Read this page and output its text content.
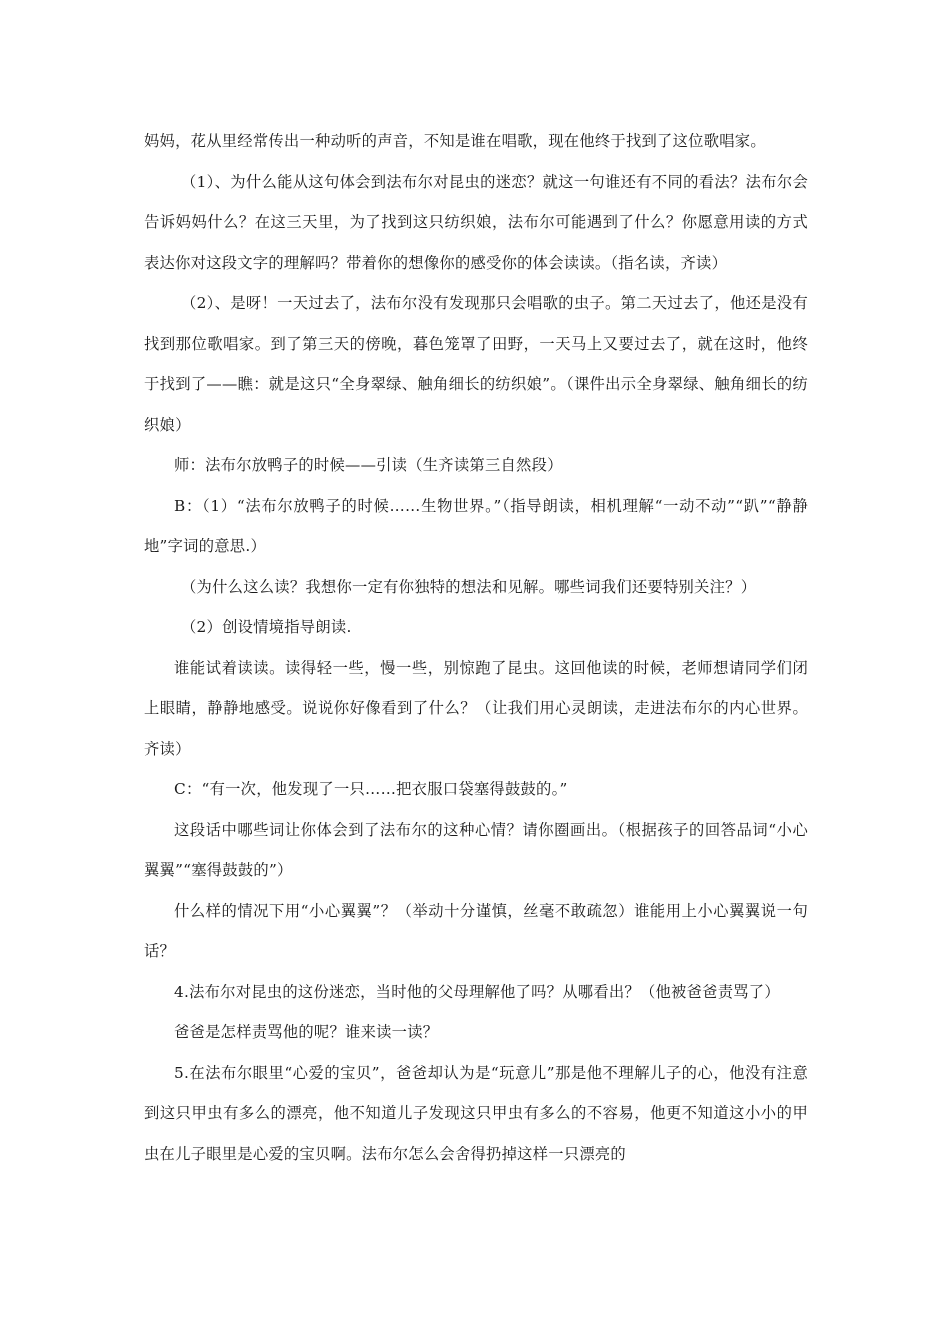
妈妈，花从里经常传出一种动听的声音，不知是谁在唱歌，现在他终于找到了这位歌唱家。

（1）、为什么能从这句体会到法布尔对昆虫的迷恋？就这一句谁还有不同的看法？法布尔会告诉妈妈什么？在这三天里，为了找到这只纺织娘，法布尔可能遇到了什么？你愿意用读的方式表达你对这段文字的理解吗？带着你的想像你的感受你的体会读读。（指名读，齐读）

（2）、是呀！一天过去了，法布尔没有发现那只会唱歌的虫子。第二天过去了，他还是没有找到那位歌唱家。到了第三天的傍晚，暮色笼罩了田野，一天马上又要过去了，就在这时，他终于找到了——瞧：就是这只“全身翠绿、触角细长的纺织娘”。（课件出示全身翠绿、触角细长的纺织娘）

师：法布尔放鸭子的时候——引读（生齐读第三自然段）

B：（1）“法布尔放鸭子的时候……生物世界。”（指导朗读，相机理解“一动不动”“趴”“静静地”字词的意思.）

（为什么这么读？我想你一定有你独特的想法和见解。哪些词我们还要特别关注？）

（2）创设情境指导朗读.

谁能试着读读。读得轻一些，慢一些，别惊跑了昆虫。这回他读的时候，老师想请同学们闭上眼睛，静静地感受。说说你好像看到了什么？（让我们用心灵朗读，走进法布尔的内心世界。齐读）

C：“有一次，他发现了一只……把衣服口袋塞得鼓鼓的。”

这段话中哪些词让你体会到了法布尔的这种心情？请你圈画出。（根据孩子的回答品词“小心翼翼”“塞得鼓鼓的”）

什么样的情况下用“小心翼翼”？（举动十分谨慎，丝毫不敢疏忽）谁能用上小心翼翼说一句话？

4.法布尔对昆虫的这份迷恋，当时他的父母理解他了吗？从哪看出？（他被爸爸责骂了）

爸爸是怎样责骂他的呢？谁来读一读？

5.在法布尔眼里“心爱的宝贝”，爸爸却认为是“玩意儿”那是他不理解儿子的心，他没有注意到这只甲虫有多么的漂亮，他不知道儿子发现这只甲虫有多么的不容易，他更不知道这小小的甲虫在儿子眼里是心爱的宝贝啊。法布尔怎么会舍得扔掉这样一只漂亮的
